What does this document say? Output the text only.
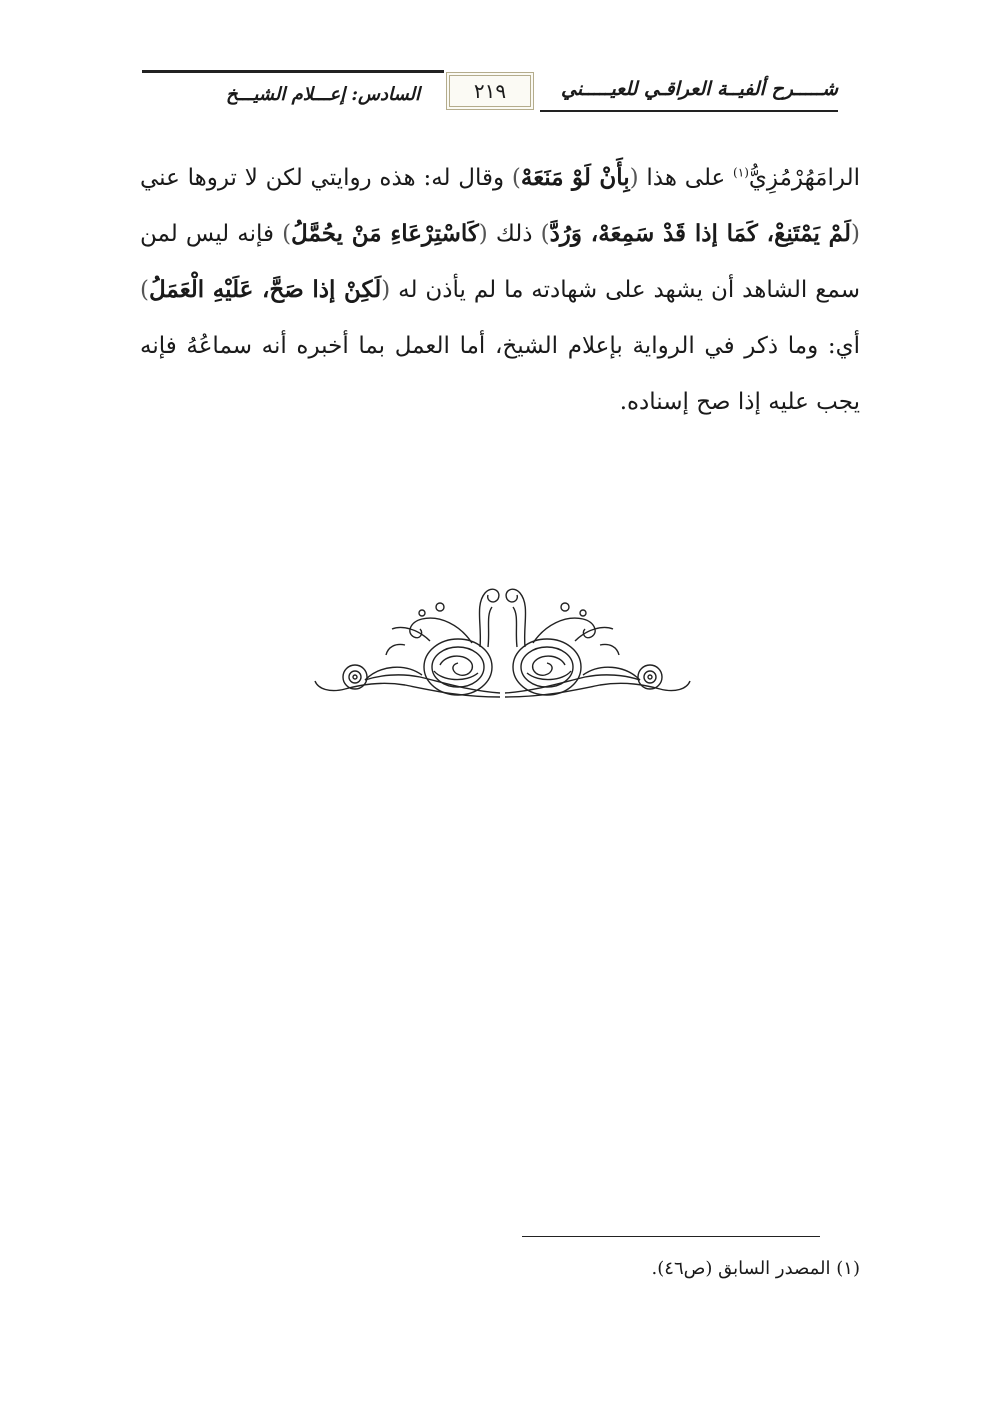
شـــــرح ألفيــة العراقـي للعيـــــني
٢١٩
السادس: إعـــلام الشيـــخ
الرامَهُرْمُزِيُّ$^{(١)}$ على هذا (بِأَنْ لَوْ مَنَعَهْ) وقال له: هذه روايتي لكن لا تروها عني (لَمْ يَمْتَنِعْ، كَمَا إذا قَدْ سَمِعَهْ، وَرُدَّ) ذلك (كَاسْتِرْعَاءِ مَنْ يحُمَّلُ) فإنه ليس لمن سمع الشاهد أن يشهد على شهادته ما لم يأذن له (لَكِنْ إذا صَحَّ، عَلَيْهِ الْعَمَلُ) أي: وما ذكر في الرواية بإعلام الشيخ، أما العمل بما أخبره أنه سماعُهُ فإنه يجب عليه إذا صح إسناده.
(١) المصدر السابق (ص٤٦).
